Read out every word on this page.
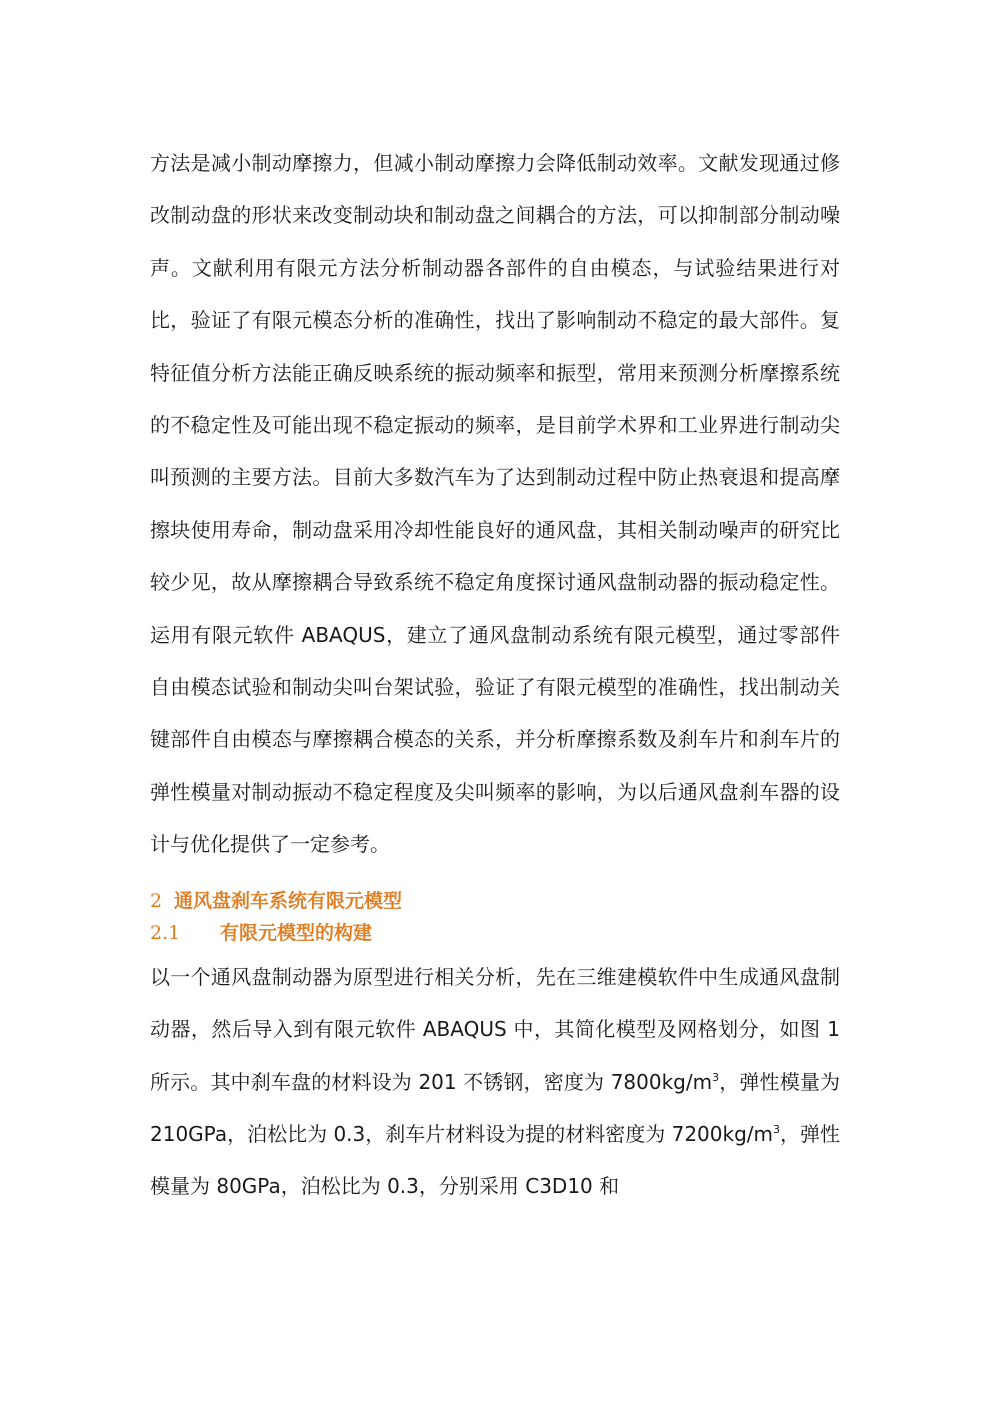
方法是减小制动摩擦力，但减小制动摩擦力会降低制动效率。文献发现通过修改制动盘的形状来改变制动块和制动盘之间耦合的方法，可以抑制部分制动噪声。文献利用有限元方法分析制动器各部件的自由模态，与试验结果进行对比，验证了有限元模态分析的准确性，找出了影响制动不稳定的最大部件。复特征值分析方法能正确反映系统的振动频率和振型，常用来预测分析摩擦系统的不稳定性及可能出现不稳定振动的频率，是目前学术界和工业界进行制动尖叫预测的主要方法。目前大多数汽车为了达到制动过程中防止热衰退和提高摩擦块使用寿命，制动盘采用冷却性能良好的通风盘，其相关制动噪声的研究比较少见，故从摩擦耦合导致系统不稳定角度探讨通风盘制动器的振动稳定性。运用有限元软件 ABAQUS，建立了通风盘制动系统有限元模型，通过零部件自由模态试验和制动尖叫台架试验，验证了有限元模型的准确性，找出制动关键部件自由模态与摩擦耦合模态的关系，并分析摩擦系数及刹车片和刹车片的弹性模量对制动振动不稳定程度及尖叫频率的影响，为以后通风盘刹车器的设计与优化提供了一定参考。

2 通风盘刹车系统有限元模型

2.1 有限元模型的构建

以一个通风盘制动器为原型进行相关分析，先在三维建模软件中生成通风盘制动器，然后导入到有限元软件 ABAQUS 中，其简化模型及网格划分，如图 1 所示。其中刹车盘的材料设为 201 不锈钢，密度为 $7800kg/m^3$，弹性模量为 210GPa，泊松比为 0.3，刹车片材料设为提的材料密度为 $7200kg/m^3$，弹性模量为 80GPa，泊松比为 0.3，分别采用 C3D10 和
